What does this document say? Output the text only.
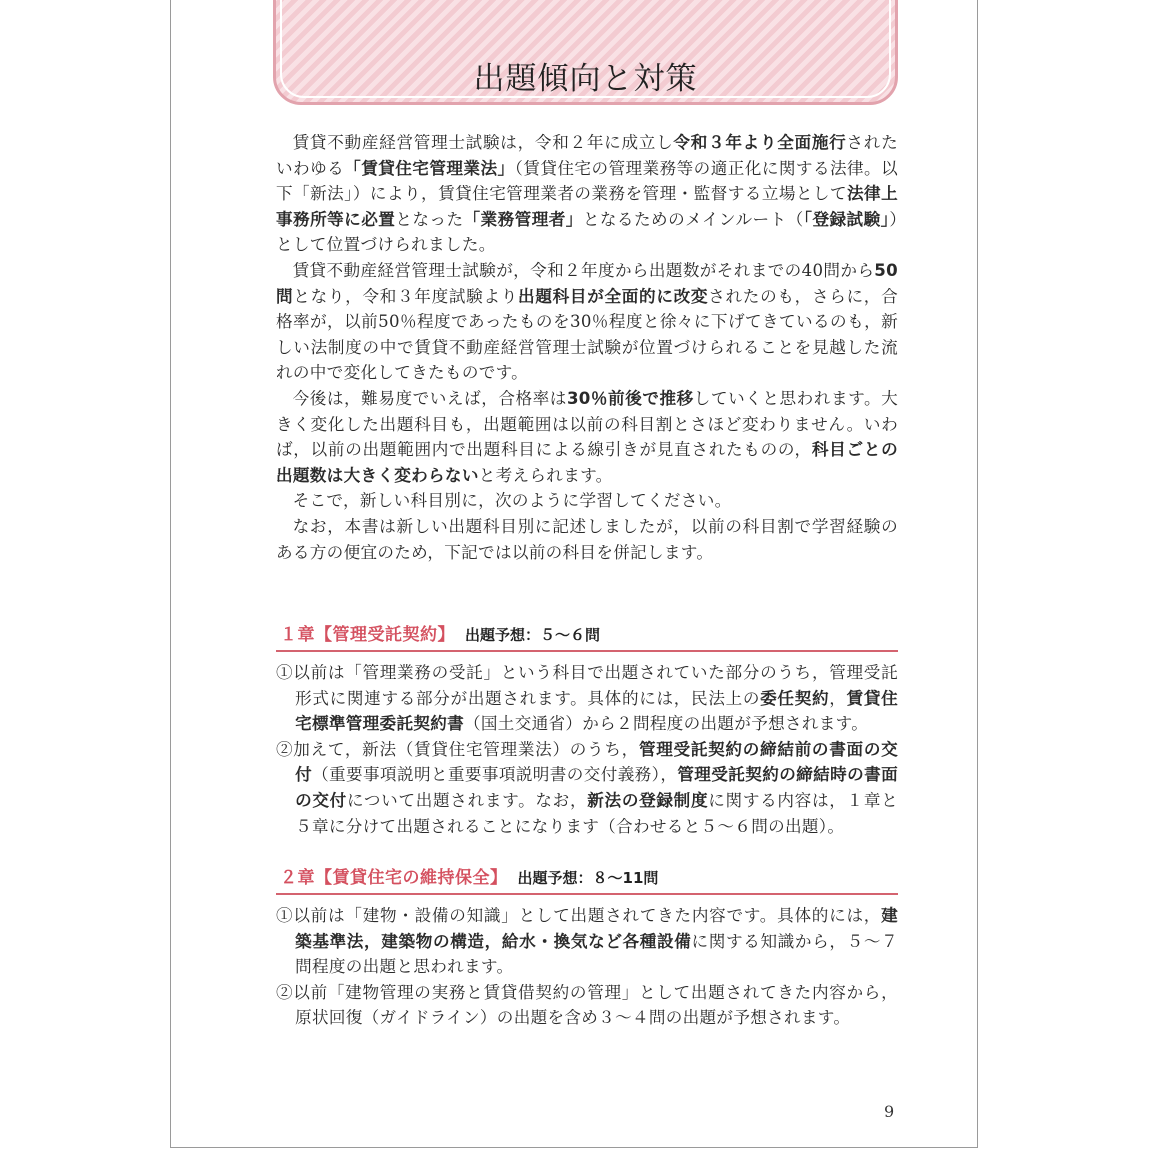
出題傾向と対策

賃貸不動産経営管理士試験は，令和２年に成立し令和３年より全面施行されたいわゆる「賃貸住宅管理業法」（賃貸住宅の管理業務等の適正化に関する法律。以下「新法」）により，賃貸住宅管理業者の業務を管理・監督する立場として法律上事務所等に必置となった「業務管理者」となるためのメインルート（「登録試験」）として位置づけられました。

賃貸不動産経営管理士試験が，令和２年度から出題数がそれまでの40問から50問となり，令和３年度試験より出題科目が全面的に改変されたのも，さらに，合格率が，以前50％程度であったものを30％程度と徐々に下げてきているのも，新しい法制度の中で賃貸不動産経営管理士試験が位置づけられることを見越した流れの中で変化してきたものです。

今後は，難易度でいえば，合格率は30％前後で推移していくと思われます。大きく変化した出題科目も，出題範囲は以前の科目割とさほど変わりません。いわば，以前の出題範囲内で出題科目による線引きが見直されたものの，科目ごとの出題数は大きく変わらないと考えられます。

そこで，新しい科目別に，次のように学習してください。

なお，本書は新しい出題科目別に記述しましたが，以前の科目割で学習経験のある方の便宜のため，下記では以前の科目を併記します。

１章【管理受託契約】 出題予想：５～６問

①以前は「管理業務の受託」という科目で出題されていた部分のうち，管理受託形式に関連する部分が出題されます。具体的には，民法上の委任契約，賃貸住宅標準管理委託契約書（国土交通省）から２問程度の出題が予想されます。

②加えて，新法（賃貸住宅管理業法）のうち，管理受託契約の締結前の書面の交付（重要事項説明と重要事項説明書の交付義務），管理受託契約の締結時の書面の交付について出題されます。なお，新法の登録制度に関する内容は，１章と５章に分けて出題されることになります（合わせると５～６問の出題）。

２章【賃貸住宅の維持保全】 出題予想：８～11問

①以前は「建物・設備の知識」として出題されてきた内容です。具体的には，建築基準法，建築物の構造，給水・換気など各種設備に関する知識から，５～７問程度の出題と思われます。

②以前「建物管理の実務と賃貸借契約の管理」として出題されてきた内容から，原状回復（ガイドライン）の出題を含め３～４問の出題が予想されます。

9
